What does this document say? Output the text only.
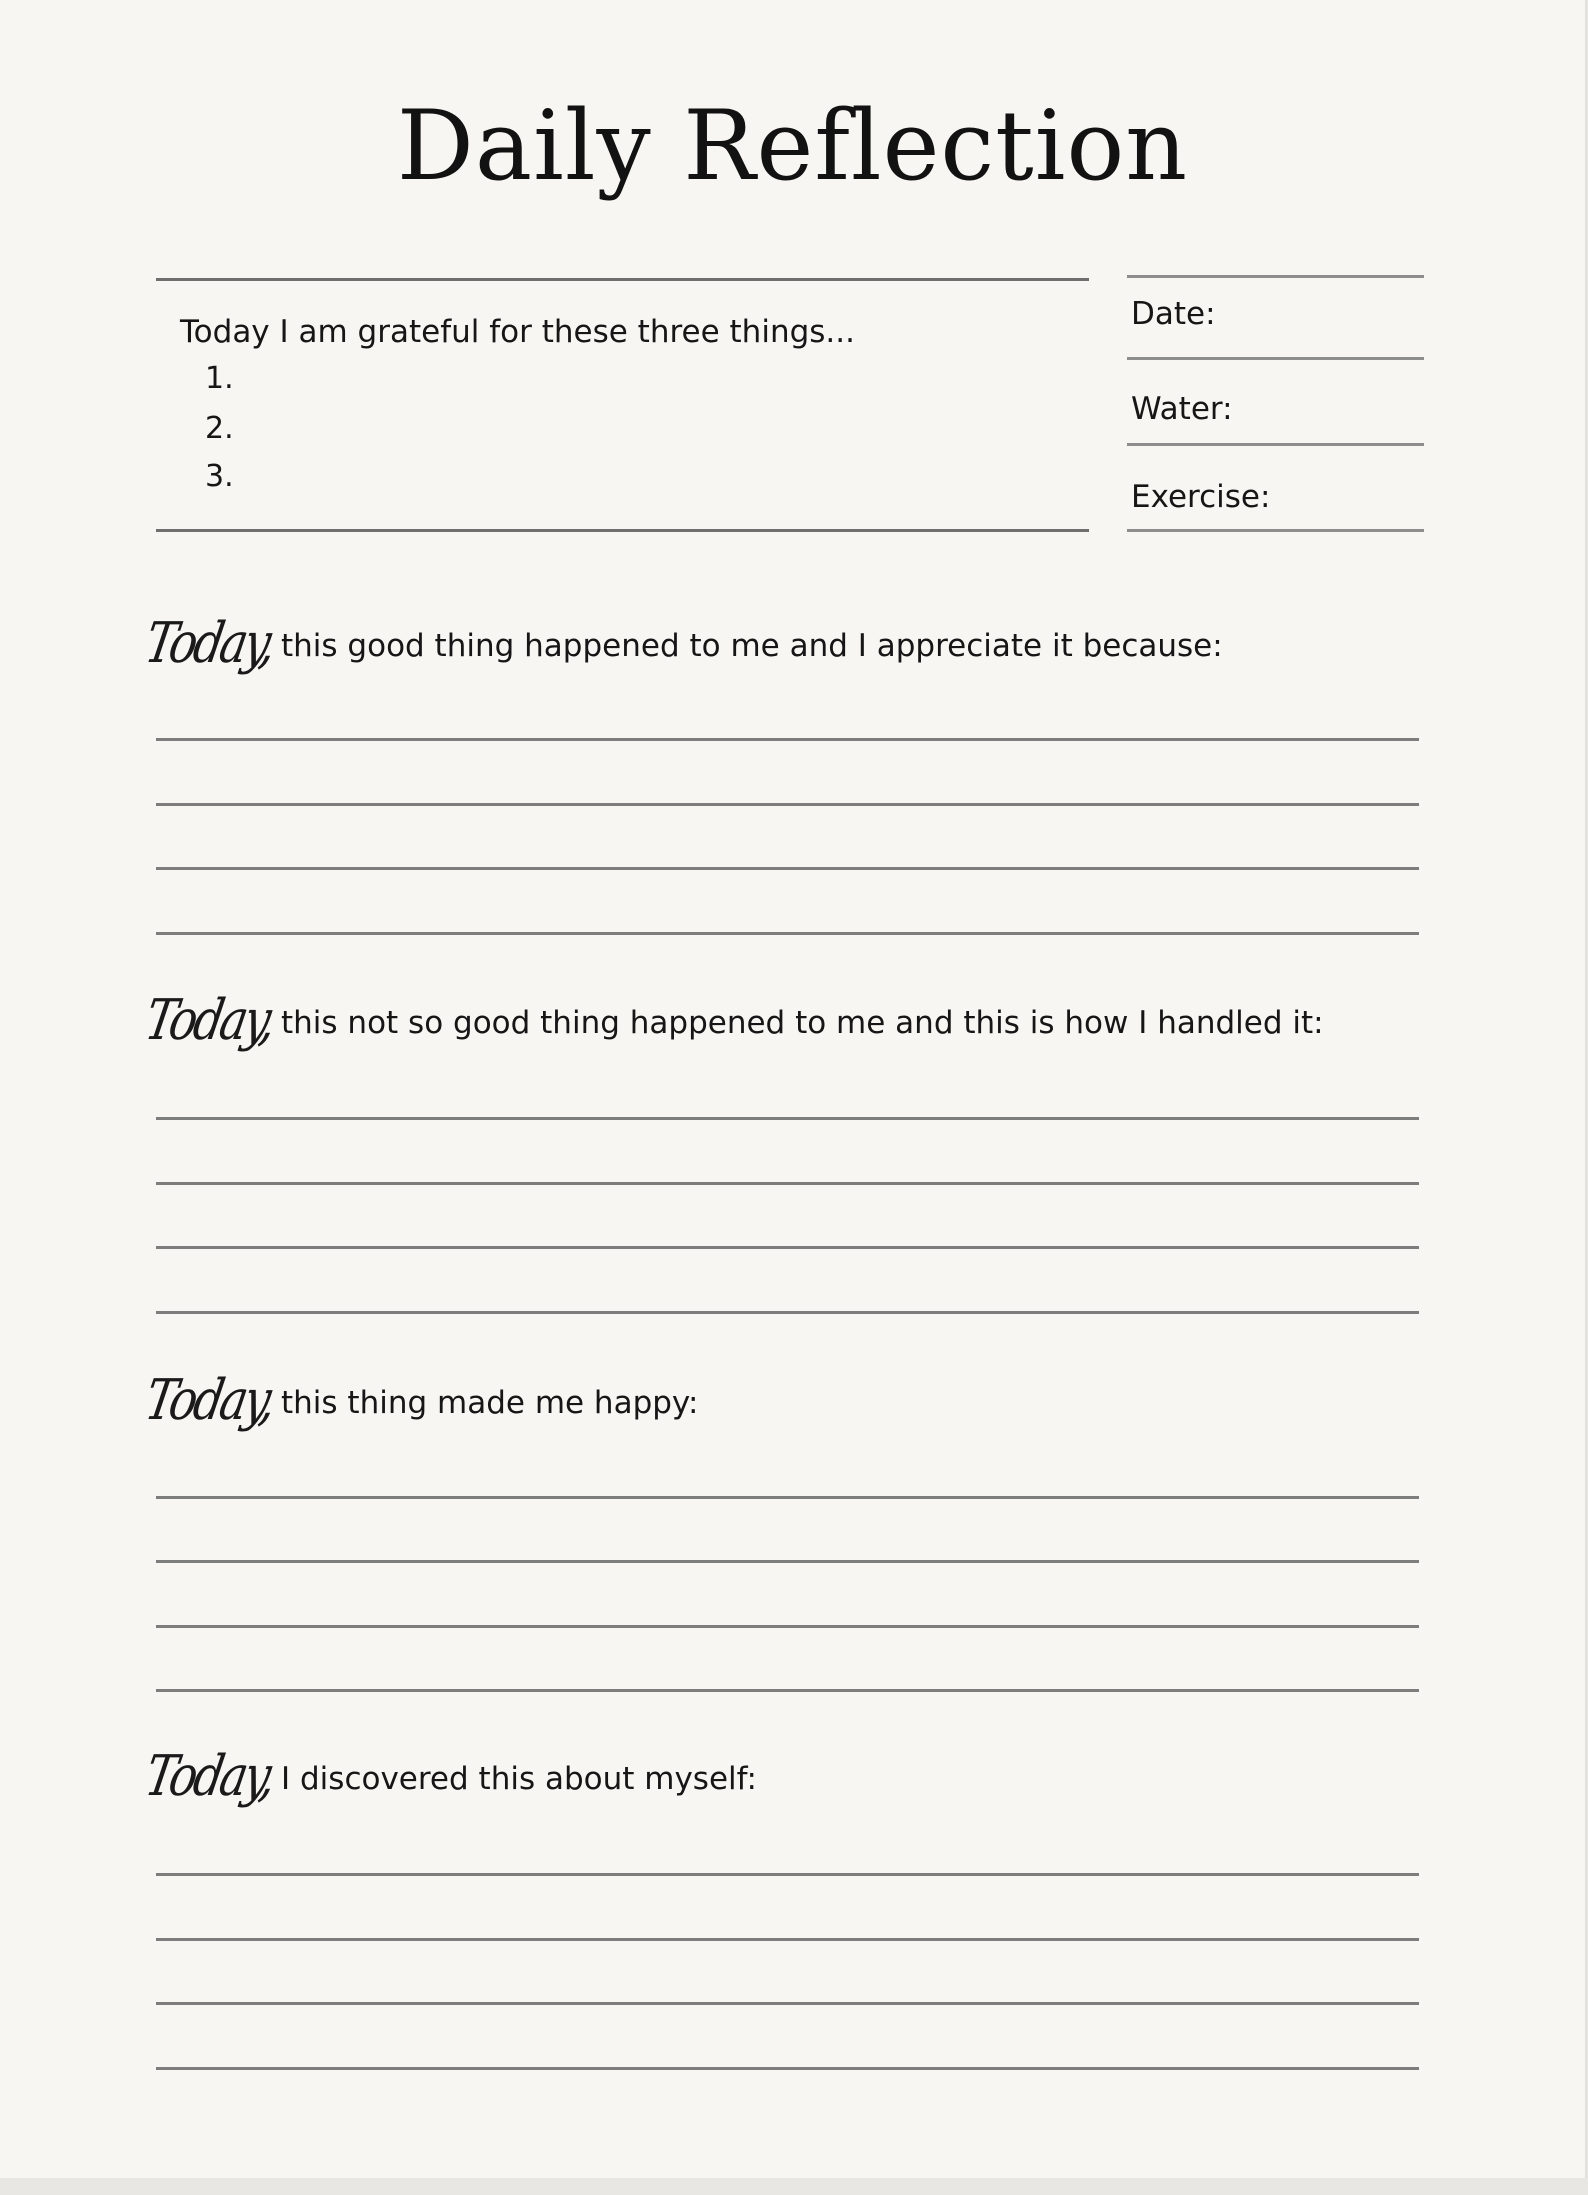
Daily Reflection
Today I am grateful for these three things...
1.
2.
3.
Date:
Water:
Exercise:
Today, this good thing happened to me and I appreciate it because:
Today, this not so good thing happened to me and this is how I handled it:
Today, this thing made me happy:
Today, I discovered this about myself:
